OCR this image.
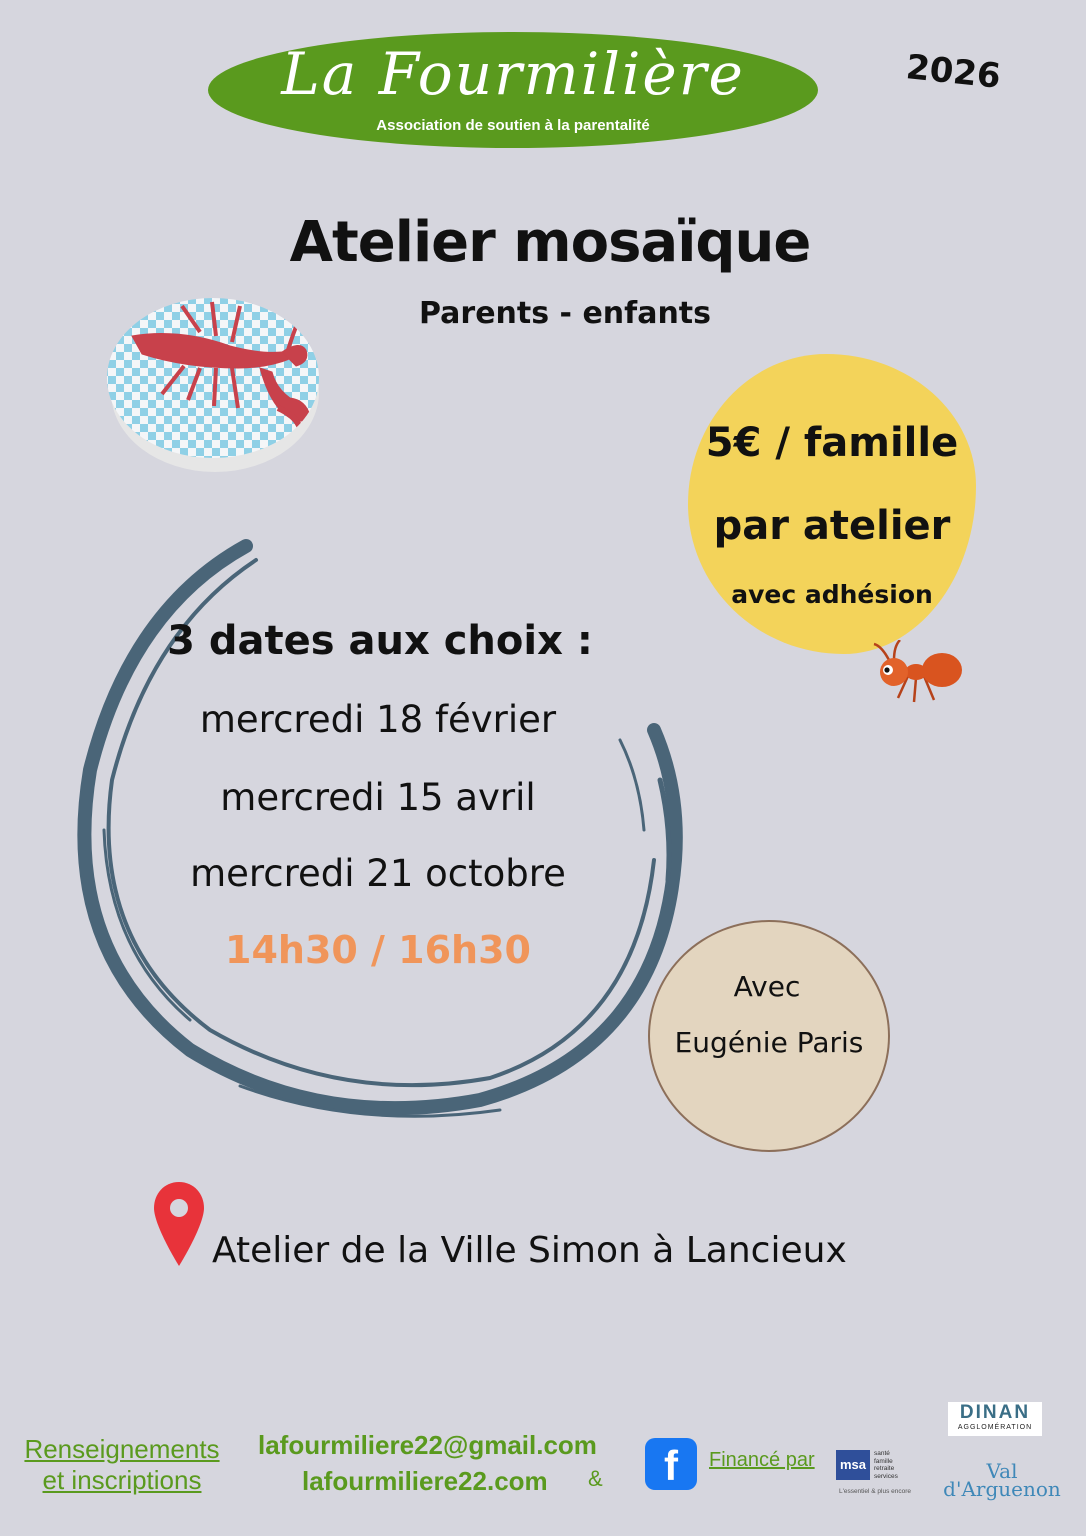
La Fourmilière
Association de soutien à la parentalité
2026
Atelier mosaïque
Parents - enfants
5€ / famille
par atelier
avec adhésion
3 dates aux choix :
mercredi 18 février
mercredi 15 avril
mercredi 21 octobre
14h30 / 16h30
Avec
Eugénie Paris
Atelier de la Ville Simon à Lancieux
Renseignements
et inscriptions
lafourmiliere22@gmail.com
lafourmiliere22.com &	f	Financé par	msa
santé
famille
retraite
services
L'essentiel & plus encore
DINAN
AGGLOMÉRATION
Val
d'Arguenon
